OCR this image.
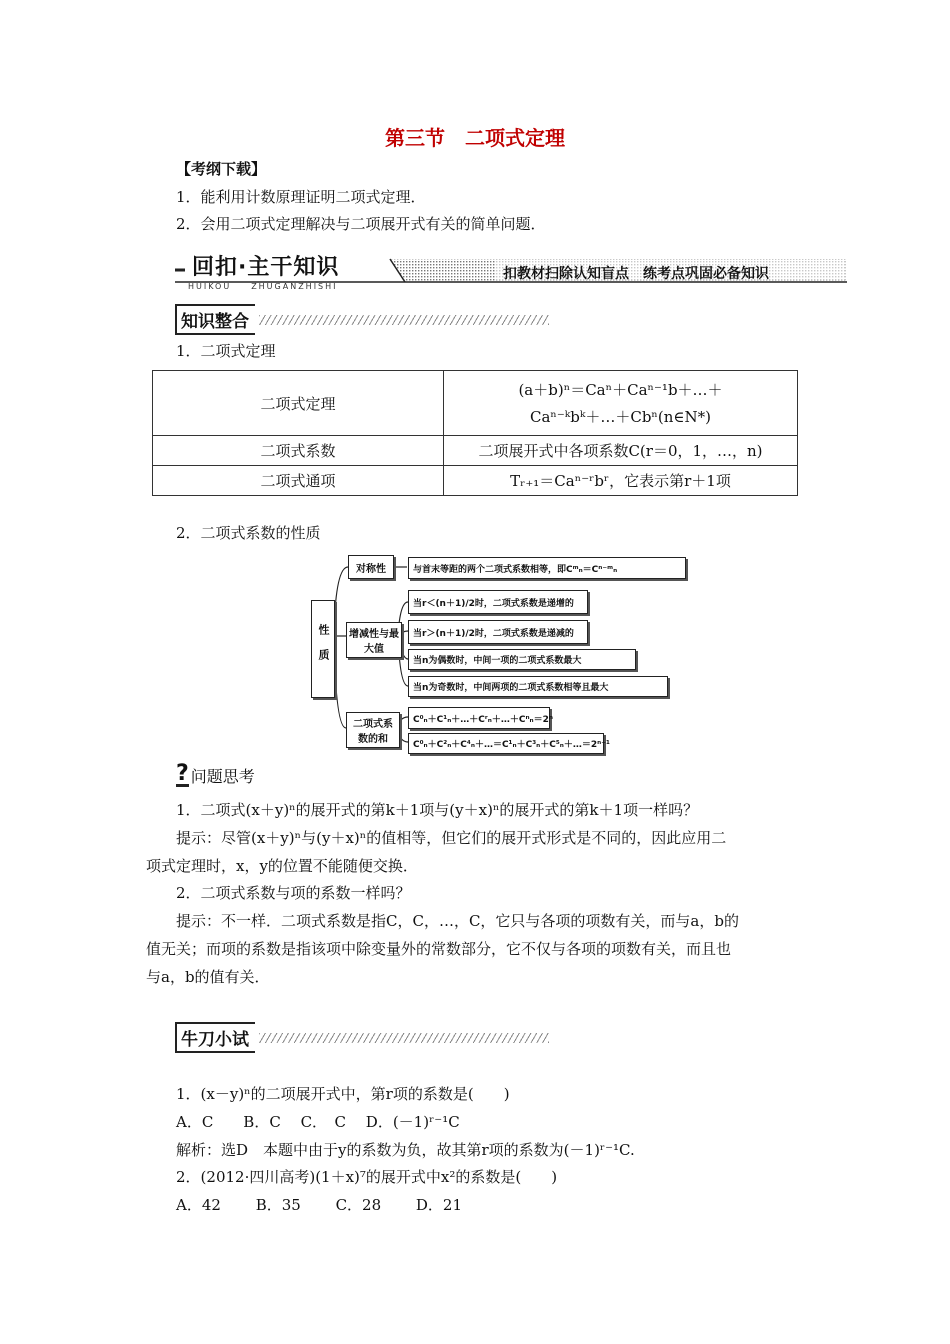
第三节　二项式定理
【考纲下载】
1．能利用计数原理证明二项式定理．
2．会用二项式定理解决与二项展开式有关的简单问题．
回扣·主干知识
HUIKOU　　ZHUGANZHISHI
扣教材扫除认知盲点　练考点巩固必备知识
知识整合
1．二项式定理
二项式定理	(a＋b)ⁿ＝Caⁿ＋Caⁿ⁻¹b＋…＋
Caⁿ⁻ᵏbᵏ＋…＋Cbⁿ(n∈N*)

二项式系数	二项展开式中各项系数C(r＝0，1，…，n)
二项式通项	Tᵣ₊₁＝Caⁿ⁻ʳbʳ，它表示第r＋1项
2．二项式系数的性质
性质
对称性
增减性与最大值
二项式系数的和
与首末等距的两个二项式系数相等，即Cᵐₙ＝Cⁿ⁻ᵐₙ
当r＜(n＋1)/2时，二项式系数是递增的
当r＞(n＋1)/2时，二项式系数是递减的
当n为偶数时，中间一项的二项式系数最大
当n为奇数时，中间两项的二项式系数相等且最大
C⁰ₙ＋C¹ₙ＋…＋Cʳₙ＋…＋Cⁿₙ＝2ⁿ
C⁰ₙ＋C²ₙ＋C⁴ₙ＋…＝C¹ₙ＋C³ₙ＋C⁵ₙ＋…＝2ⁿ⁻¹
? 问题思考
1．二项式(x＋y)ⁿ的展开式的第k＋1项与(y＋x)ⁿ的展开式的第k＋1项一样吗？
提示：尽管(x＋y)ⁿ与(y＋x)ⁿ的值相等，但它们的展开式形式是不同的，因此应用二
项式定理时，x，y的位置不能随便交换．
2．二项式系数与项的系数一样吗？
提示：不一样．二项式系数是指C，C，…，C，它只与各项的项数有关，而与a，b的
值无关；而项的系数是指该项中除变量外的常数部分，它不仅与各项的项数有关，而且也
与a，b的值有关．
牛刀小试
1．(x－y)ⁿ的二项展开式中，第r项的系数是(　　)
A．C　　B．C　 C．　C　 D．(－1)ʳ⁻¹C
解析：选D　本题中由于y的系数为负，故其第r项的系数为(－1)ʳ⁻¹C.
2．(2012·四川高考)(1＋x)⁷的展开式中x²的系数是(　　)
A．42　　 B．35　　 C．28　　 D．21
